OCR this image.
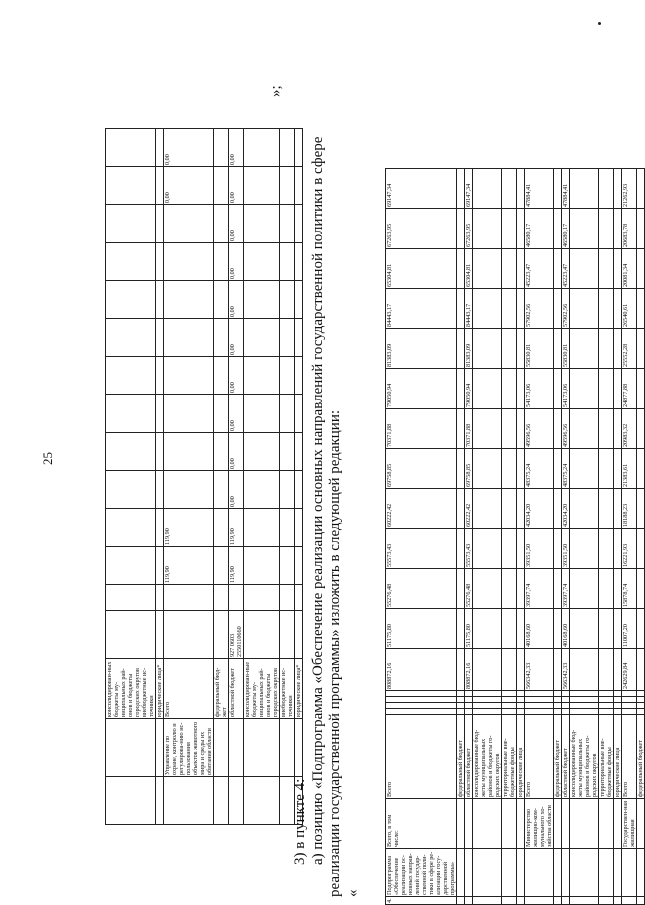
25
		консолидирован-ных бюджеты му-ниципальных рай-онов и бюджеты городских округов внебюджетные ис-точники														
		юридические лица*														
	Управление по охране, контролю и регулирова-нию ис-пользования объектов животного мира и среды их обитания области	Всего			119,90	119,90									0,00	0,00
		федеральный бюд-жет														
		областной бюджет	927 0603 2550110660		119,90	119,90	0,00	0,00	0,00	0,00	0,00	0,00	0,00	0,00	0,00	0,00
		консолидирован-ные бюджеты му-ниципальных рай-онов и бюджеты городских округов														
		внебюджетные ис-точники														
		юридические лица*														
3) в пункте 4: а) позицию «Подпрограмма «Обеспечение реализации основных направлений государственной политики в сфере реализации государственной программы» изложить в следующей редакции: «
»;
4.	Подпрограмма «Обеспечение реализации ос-новных направ-лений государ-ственной поли-тики в сфере ре-ализации госу-дарственной программы»	Всего, в том числе:	Всего					808872,16	51175,80	55276,48	55573,43	60222,42	69758,85	70371,88	79050,94	81383,09	84443,17	65304,81	67263,95	69147,34
			федеральный бюджет																	
			областной бюджет					808872,16	51175,80	55276,48	55573,43	60222,42	69758,85	70371,88	79050,94	81383,09	84443,17	65304,81	67263,95	69147,34
			консолидированные бюд-жеты муниципальных районов и бюджеты го-родских округов																	
			территориальные вне-бюджетные фонды																	
			юридические лица																	
		Министерство жилищно-ком-мунального хо-зяйства области	Всего					566342,33	40168,60	39397,74	39351,50	42034,20	48375,24	49596,56	54173,06	55830,81	57902,56	45223,47	46580,17	47884,41
			федеральный бюджет																	
			областной бюджет					566342,33	40168,60	39397,74	39351,50	42034,20	48375,24	49596,56	54173,06	55830,81	57902,56	45223,47	46580,17	47884,41
			консолидированные бюд-жеты муниципальных районов и бюджеты го-родских округов																	
			территориальные вне-бюджетные фонды																	
			юридические лица																	
		Государствен-ная жилищная	Всего					242629,84	11007,20	15878,74	16221,93	18188,23	21383,61	20983,32	24877,88	25552,28	26540,61	20081,34	20683,78	21262,93
			федеральный бюджет																	
